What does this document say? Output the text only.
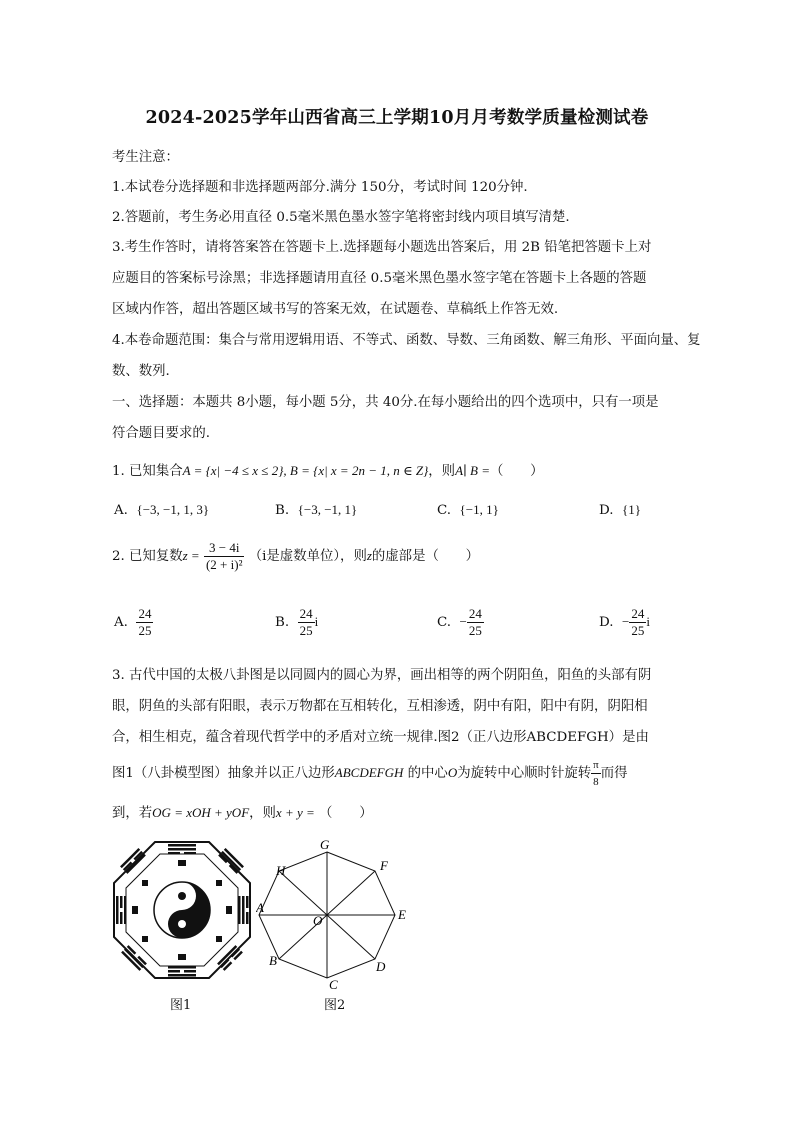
2024-2025学年山西省高三上学期10月月考数学质量检测试卷
考生注意：
1.本试卷分选择题和非选择题两部分.满分 150分，考试时间 120分钟.
2.答题前，考生务必用直径 0.5毫米黑色墨水签字笔将密封线内项目填写清楚.
3.考生作答时，请将答案答在答题卡上.选择题每小题选出答案后，用 2B 铅笔把答题卡上对
应题目的答案标号涂黑；非选择题请用直径 0.5毫米黑色墨水签字笔在答题卡上各题的答题
区域内作答，超出答题区域书写的答案无效，在试题卷、草稿纸上作答无效.
4.本卷命题范围：集合与常用逻辑用语、不等式、函数、导数、三角函数、解三角形、平面向量、复
数、数列.
一、选择题：本题共 8小题，每小题 5分，共 40分.在每小题给出的四个选项中，只有一项是
符合题目要求的.
1. 已知集合A = {x| −4 ≤ x ≤ 2}, B = {x| x = 2n − 1, n ∈ Z}，则A∣ B =（　　）
A. {−3, −1, 1, 3}	B. {−3, −1, 1}	C. {−1, 1}	D. {1}
2. 已知复数$z = \frac{3 - 4i}{\text{(2 + i)²}} (i$是虚数单位），则z的虚部是（　　）
A. $\frac{24}{25}$	B. $\frac{24}{25}$ i	C. − $\frac{24}{25}$	D. − $\frac{24}{25}$ i
3. 古代中国的太极八卦图是以同圆内的圆心为界，画出相等的两个阴阳鱼，阳鱼的头部有阴
眼，阴鱼的头部有阳眼，表示万物都在互相转化，互相渗透，阴中有阳，阳中有阴，阴阳相
合，相生相克，蕴含着现代哲学中的矛盾对立统一规律.图2（正八边形ABCDEFGH）是由
图1（八卦模型图）抽象并以正八边形ABCDEFGH 的中心O为旋转中心顺时针旋转 $\frac{\pi}{8}$ 而得
到，若OG = xOH + yOF，则x + y = （　　）
图1
G
F
E
D
C
B
A
H
O
图2
